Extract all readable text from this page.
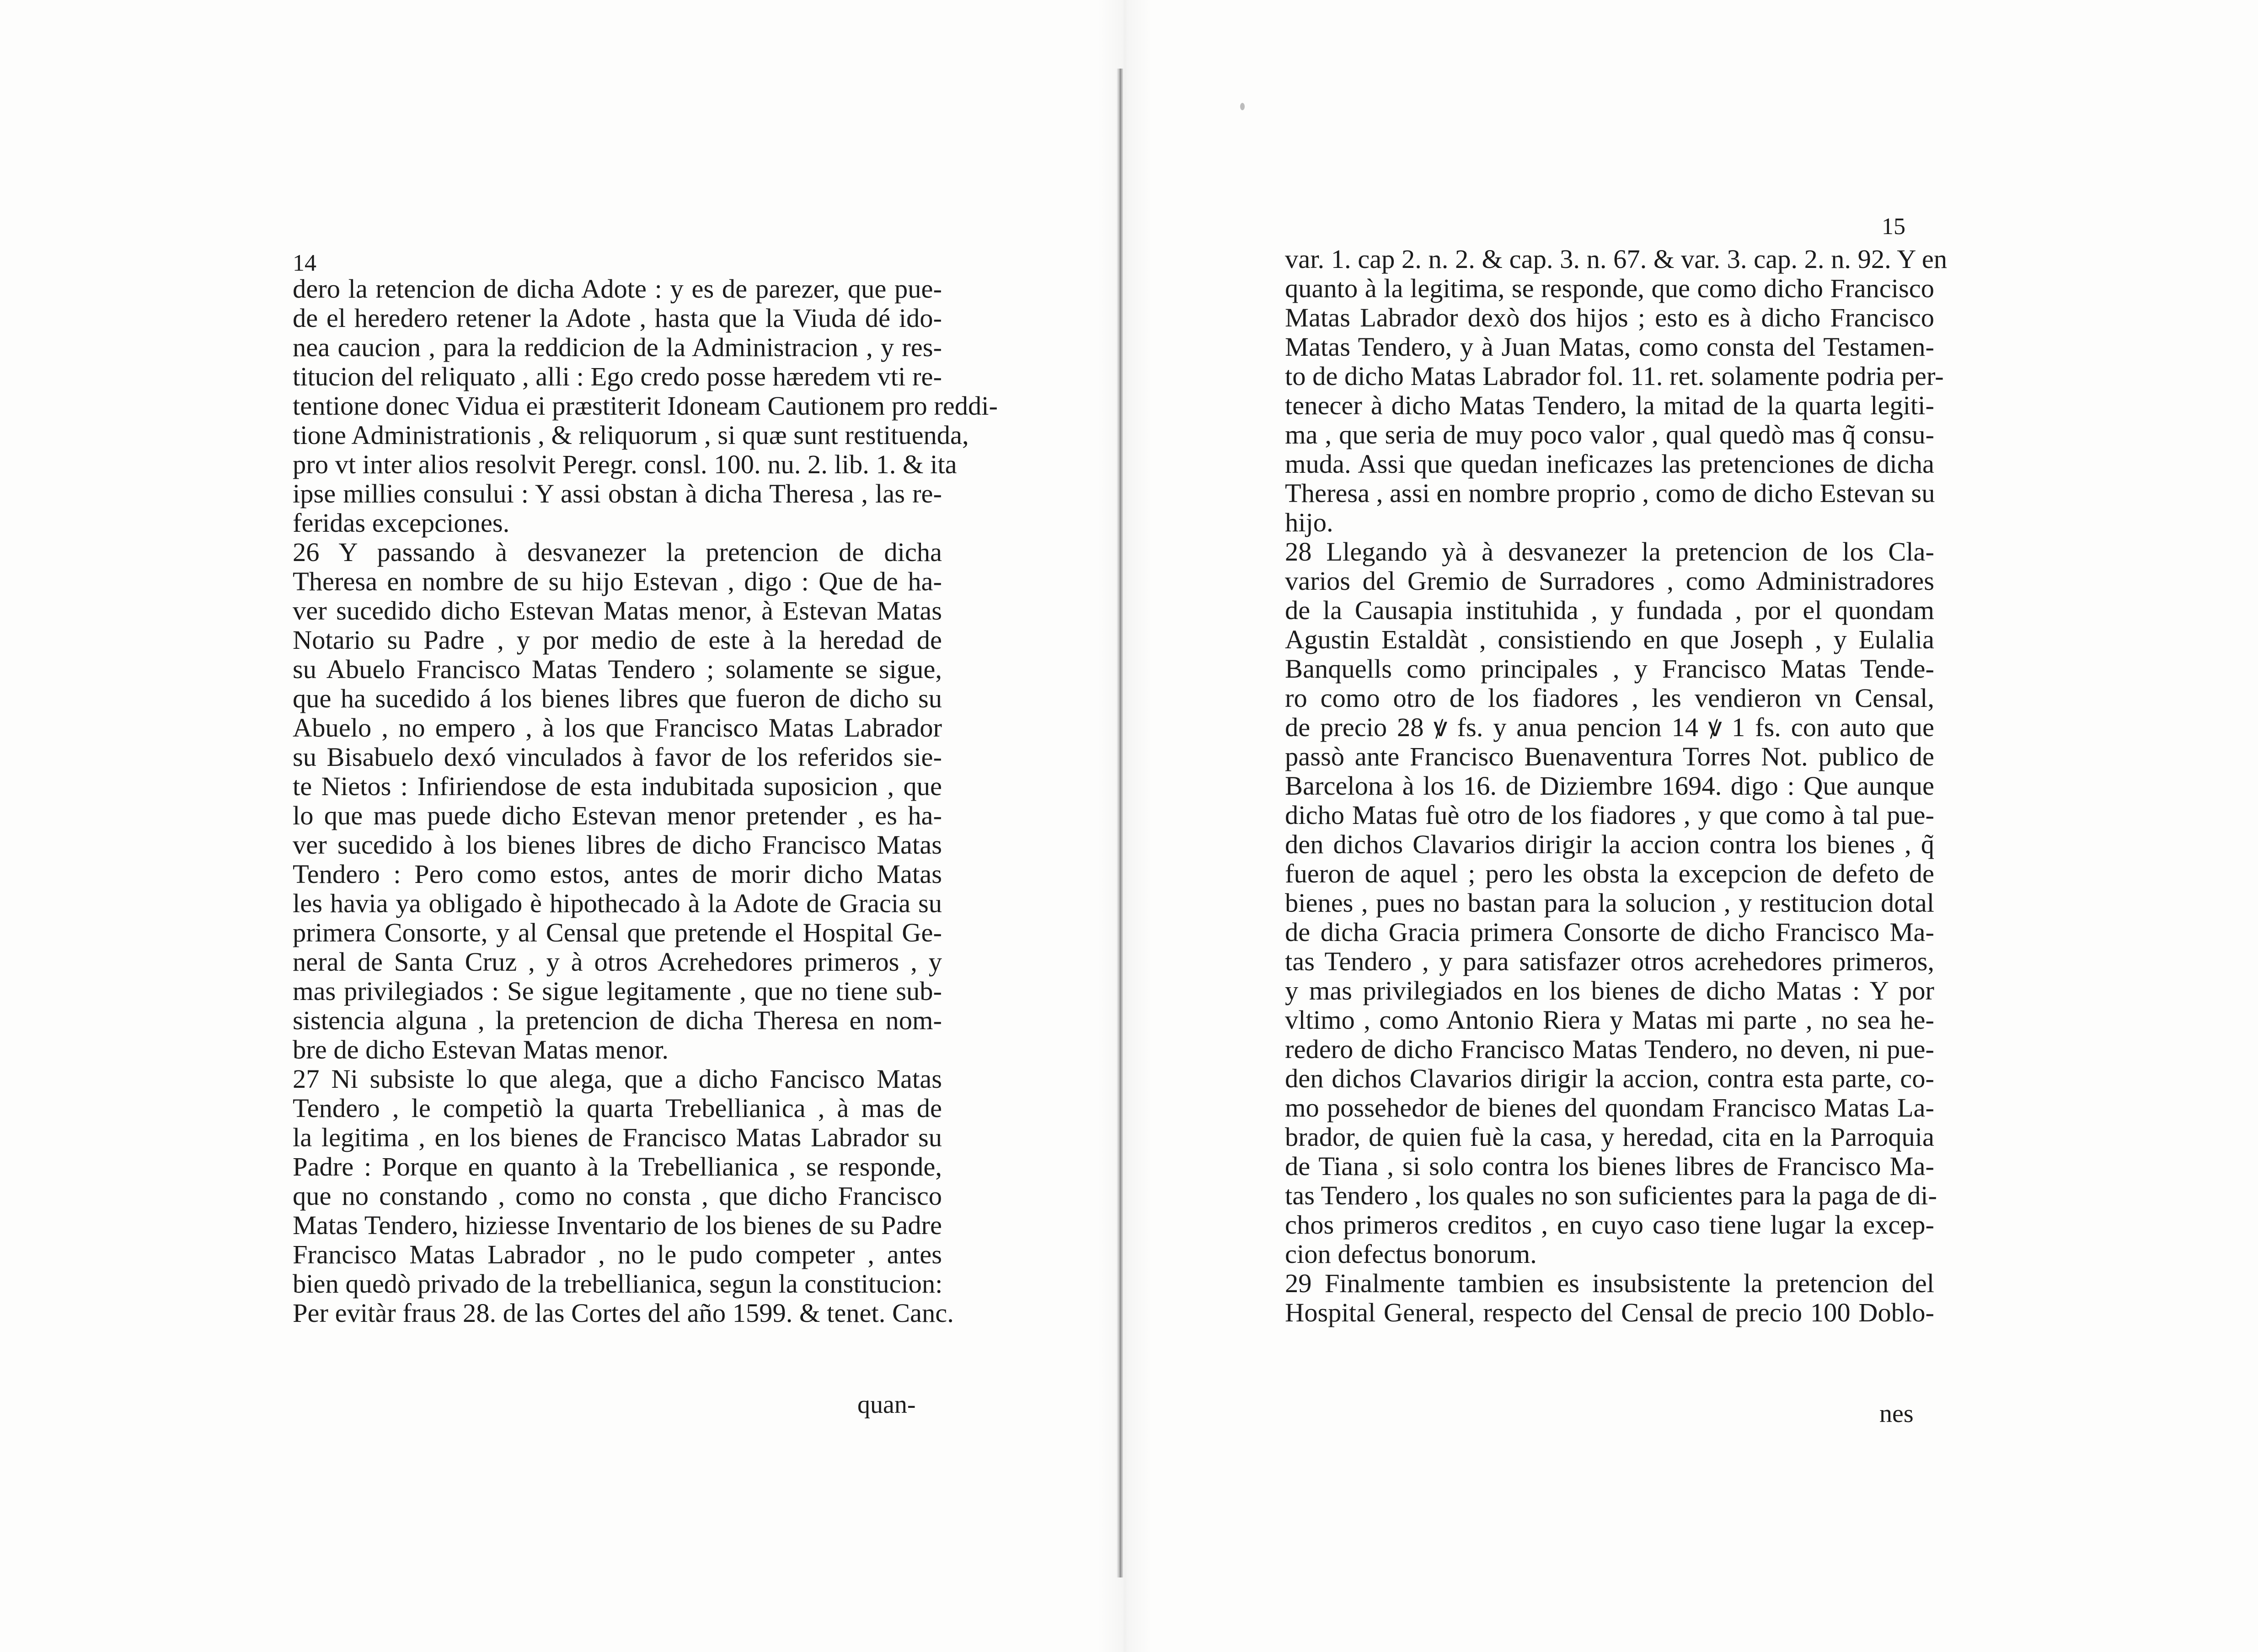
14
dero la retencion de dicha Adote : y es de parezer, que pue-
de el heredero retener la Adote , hasta que la Viuda dé ido-
nea caucion , para la reddicion de la Administracion , y res-
titucion del reliquato , alli : Ego credo posse hæredem vti re-
tentione donec Vidua ei præstiterit Idoneam Cautionem pro reddi-
tione Administrationis , & reliquorum , si quæ sunt restituenda,
pro vt inter alios resolvit Peregr. consl. 100. nu. 2. lib. 1. & ita
ipse millies consului : Y assi obstan à dicha Theresa , las re-
feridas excepciones.
26 Y passando à desvanezer la pretencion de dicha
Theresa en nombre de su hijo Estevan , digo : Que de ha-
ver sucedido dicho Estevan Matas menor, à Estevan Matas
Notario su Padre , y por medio de este à la heredad de
su Abuelo Francisco Matas Tendero ; solamente se sigue,
que ha sucedido á los bienes libres que fueron de dicho su
Abuelo , no empero , à los que Francisco Matas Labrador
su Bisabuelo dexó vinculados à favor de los referidos sie-
te Nietos : Infiriendose de esta indubitada suposicion , que
lo que mas puede dicho Estevan menor pretender , es ha-
ver sucedido à los bienes libres de dicho Francisco Matas
Tendero : Pero como estos, antes de morir dicho Matas
les havia ya obligado è hipothecado à la Adote de Gracia su
primera Consorte, y al Censal que pretende el Hospital Ge-
neral de Santa Cruz , y à otros Acrehedores primeros , y
mas privilegiados : Se sigue legitamente , que no tiene sub-
sistencia alguna , la pretencion de dicha Theresa en nom-
bre de dicho Estevan Matas menor.
27 Ni subsiste lo que alega, que a dicho Fancisco Matas
Tendero , le competiò la quarta Trebellianica , à mas de
la legitima , en los bienes de Francisco Matas Labrador su
Padre : Porque en quanto à la Trebellianica , se responde,
que no constando , como no consta , que dicho Francisco
Matas Tendero, hiziesse Inventario de los bienes de su Padre
Francisco Matas Labrador , no le pudo competer , antes
bien quedò privado de la trebellianica, segun la constitucion:
Per evitàr fraus 28. de las Cortes del año 1599. & tenet. Canc.
quan-
15
var. 1. cap 2. n. 2. & cap. 3. n. 67. & var. 3. cap. 2. n. 92. Y en
quanto à la legitima, se responde, que como dicho Francisco
Matas Labrador dexò dos hijos ; esto es à dicho Francisco
Matas Tendero, y à Juan Matas, como consta del Testamen-
to de dicho Matas Labrador fol. 11. ret. solamente podria per-
tenecer à dicho Matas Tendero, la mitad de la quarta legiti-
ma , que seria de muy poco valor , qual quedò mas q̃ consu-
muda. Assi que quedan ineficazes las pretenciones de dicha
Theresa , assi en nombre proprio , como de dicho Estevan su
hijo.
28 Llegando yà à desvanezer la pretencion de los Cla-
varios del Gremio de Surradores , como Administradores
de la Causapia instituhida , y fundada , por el quondam
Agustin Estaldàt , consistiendo en que Joseph , y Eulalia
Banquells como principales , y Francisco Matas Tende-
ro como otro de los fiadores , les vendieron vn Censal,
de precio 28 ꝟ fs. y anua pencion 14 ꝟ 1 fs. con auto que
passò ante Francisco Buenaventura Torres Not. publico de
Barcelona à los 16. de Diziembre 1694. digo : Que aunque
dicho Matas fuè otro de los fiadores , y que como à tal pue-
den dichos Clavarios dirigir la accion contra los bienes , q̃
fueron de aquel ; pero les obsta la excepcion de defeto de
bienes , pues no bastan para la solucion , y restitucion dotal
de dicha Gracia primera Consorte de dicho Francisco Ma-
tas Tendero , y para satisfazer otros acrehedores primeros,
y mas privilegiados en los bienes de dicho Matas : Y por
vltimo , como Antonio Riera y Matas mi parte , no sea he-
redero de dicho Francisco Matas Tendero, no deven, ni pue-
den dichos Clavarios dirigir la accion, contra esta parte, co-
mo possehedor de bienes del quondam Francisco Matas La-
brador, de quien fuè la casa, y heredad, cita en la Parroquia
de Tiana , si solo contra los bienes libres de Francisco Ma-
tas Tendero , los quales no son suficientes para la paga de di-
chos primeros creditos , en cuyo caso tiene lugar la excep-
cion defectus bonorum.
29 Finalmente tambien es insubsistente la pretencion del
Hospital General, respecto del Censal de precio 100 Doblo-
nes
